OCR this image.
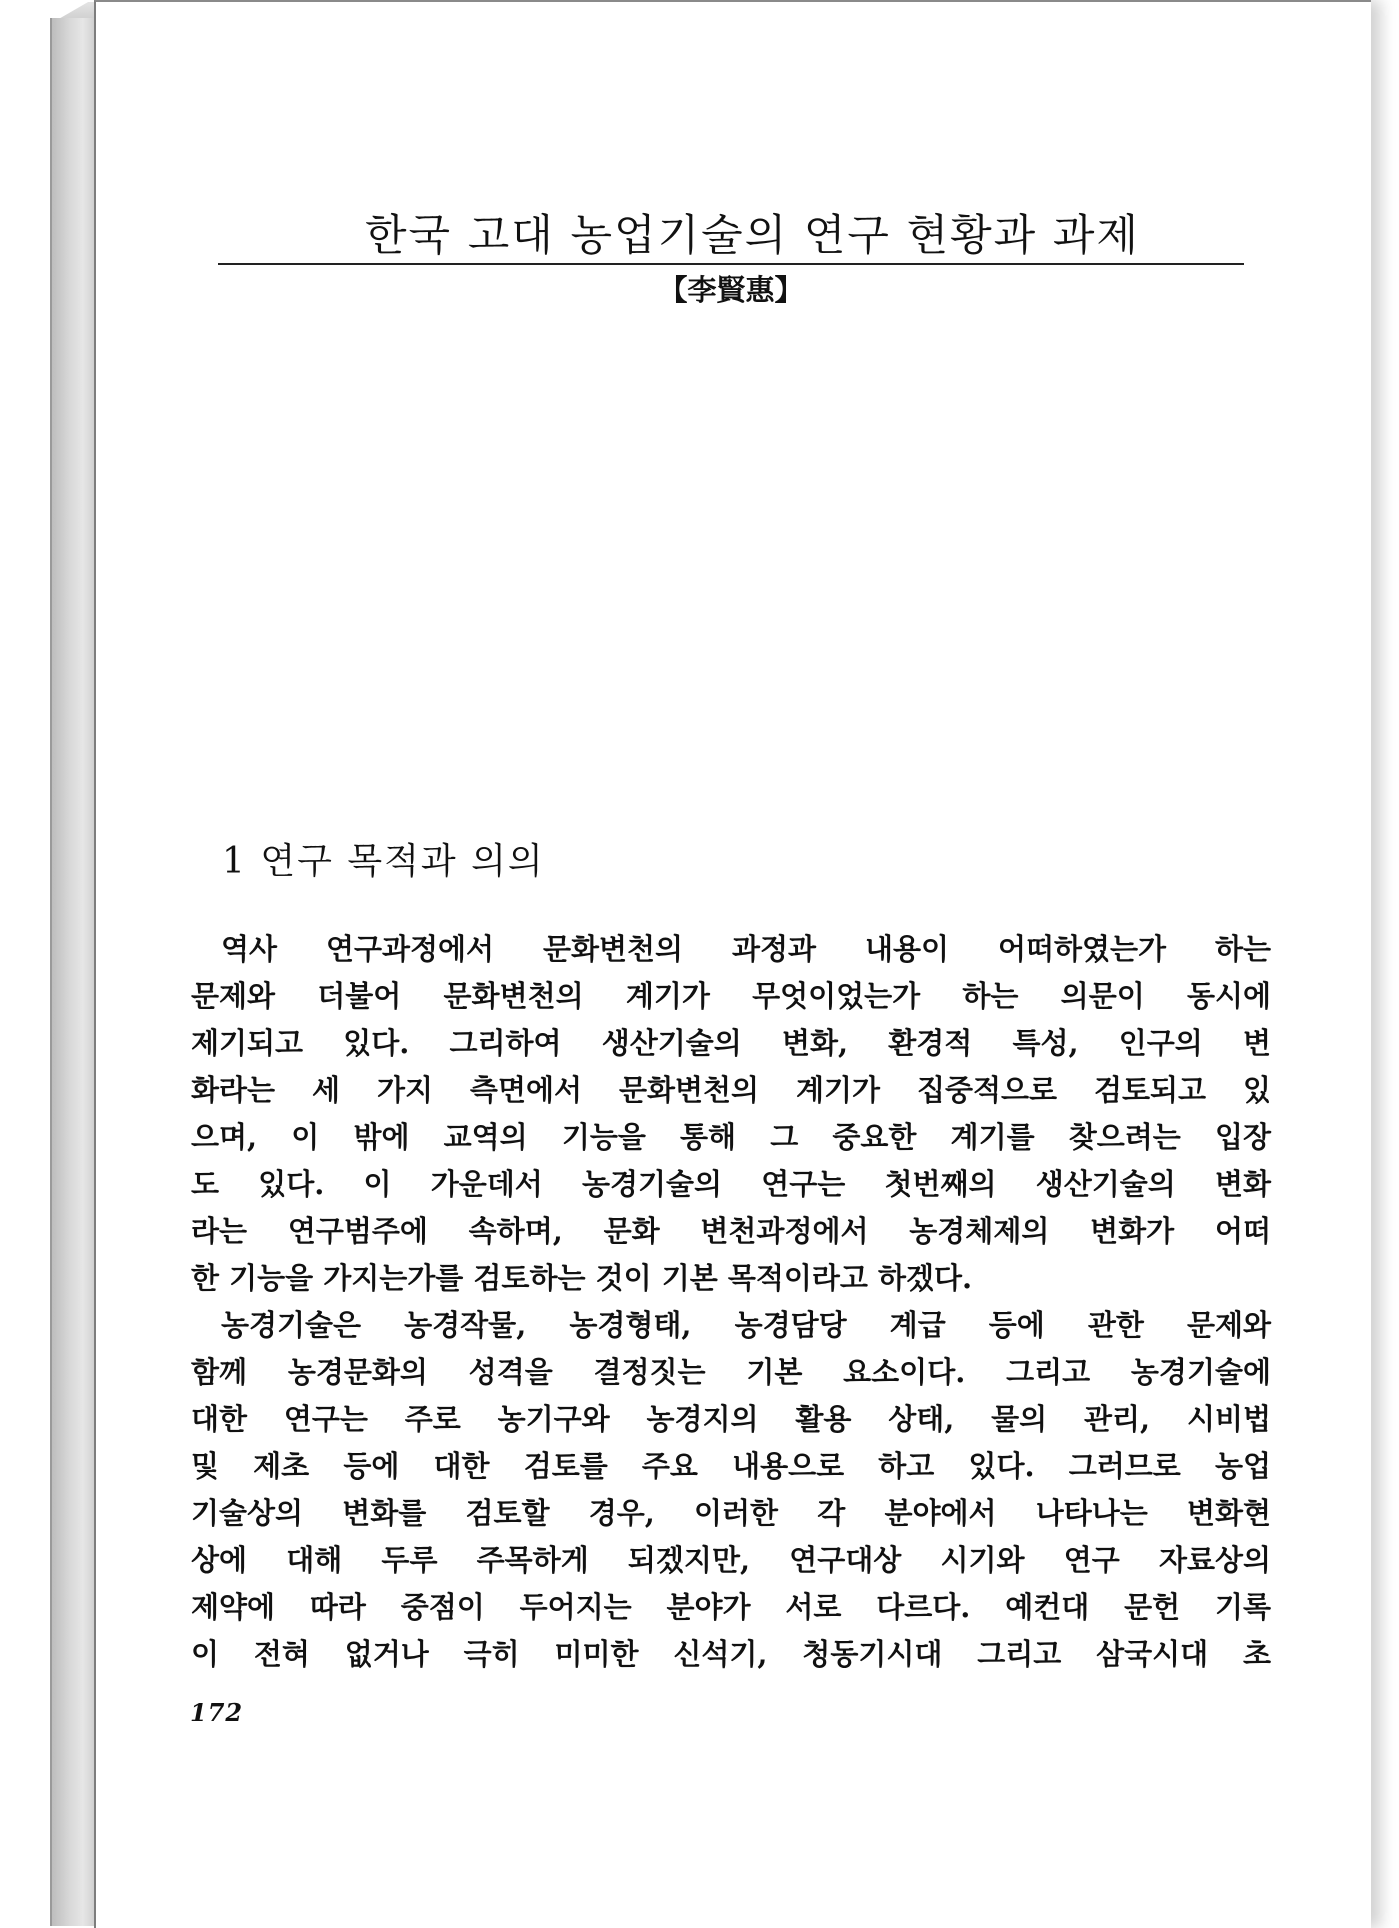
한국 고대 농업기술의 연구 현황과 과제

【李賢惠】

1 연구 목적과 의의
역사 연구과정에서 문화변천의 과정과 내용이 어떠하였는가 하는
문제와 더불어 문화변천의 계기가 무엇이었는가 하는 의문이 동시에
제기되고 있다. 그리하여 생산기술의 변화, 환경적 특성, 인구의 변
화라는 세 가지 측면에서 문화변천의 계기가 집중적으로 검토되고 있
으며, 이 밖에 교역의 기능을 통해 그 중요한 계기를 찾으려는 입장
도 있다. 이 가운데서 농경기술의 연구는 첫번째의 생산기술의 변화
라는 연구범주에 속하며, 문화 변천과정에서 농경체제의 변화가 어떠
한 기능을 가지는가를 검토하는 것이 기본 목적이라고 하겠다.
농경기술은 농경작물, 농경형태, 농경담당 계급 등에 관한 문제와
함께 농경문화의 성격을 결정짓는 기본 요소이다. 그리고 농경기술에
대한 연구는 주로 농기구와 농경지의 활용 상태, 물의 관리, 시비법
및 제초 등에 대한 검토를 주요 내용으로 하고 있다. 그러므로 농업
기술상의 변화를 검토할 경우, 이러한 각 분야에서 나타나는 변화현
상에 대해 두루 주목하게 되겠지만, 연구대상 시기와 연구 자료상의
제약에 따라 중점이 두어지는 분야가 서로 다르다. 예컨대 문헌 기록
이 전혀 없거나 극히 미미한 신석기, 청동기시대 그리고 삼국시대 초

172
